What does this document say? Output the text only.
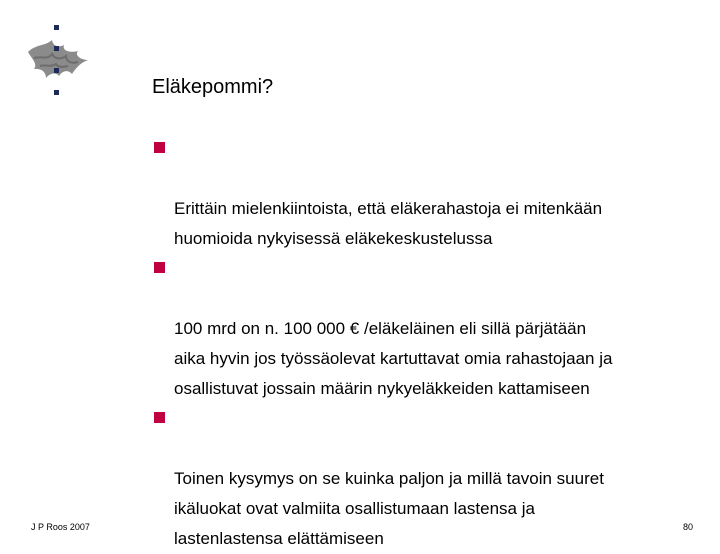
Eläkepommi?

Erittäin mielenkiintoista, että eläkerahastoja ei mitenkään
huomioida nykyisessä eläkekeskustelussa

100 mrd on n. 100 000 € /eläkeläinen eli sillä pärjätään
aika hyvin jos työssäolevat kartuttavat omia rahastojaan ja
osallistuvat jossain määrin nykyeläkkeiden kattamiseen

Toinen kysymys on se kuinka paljon ja millä tavoin suuret
ikäluokat ovat valmiita osallistumaan lastensa ja
lastenlastensa elättämiseen

J P Roos 2007	80
